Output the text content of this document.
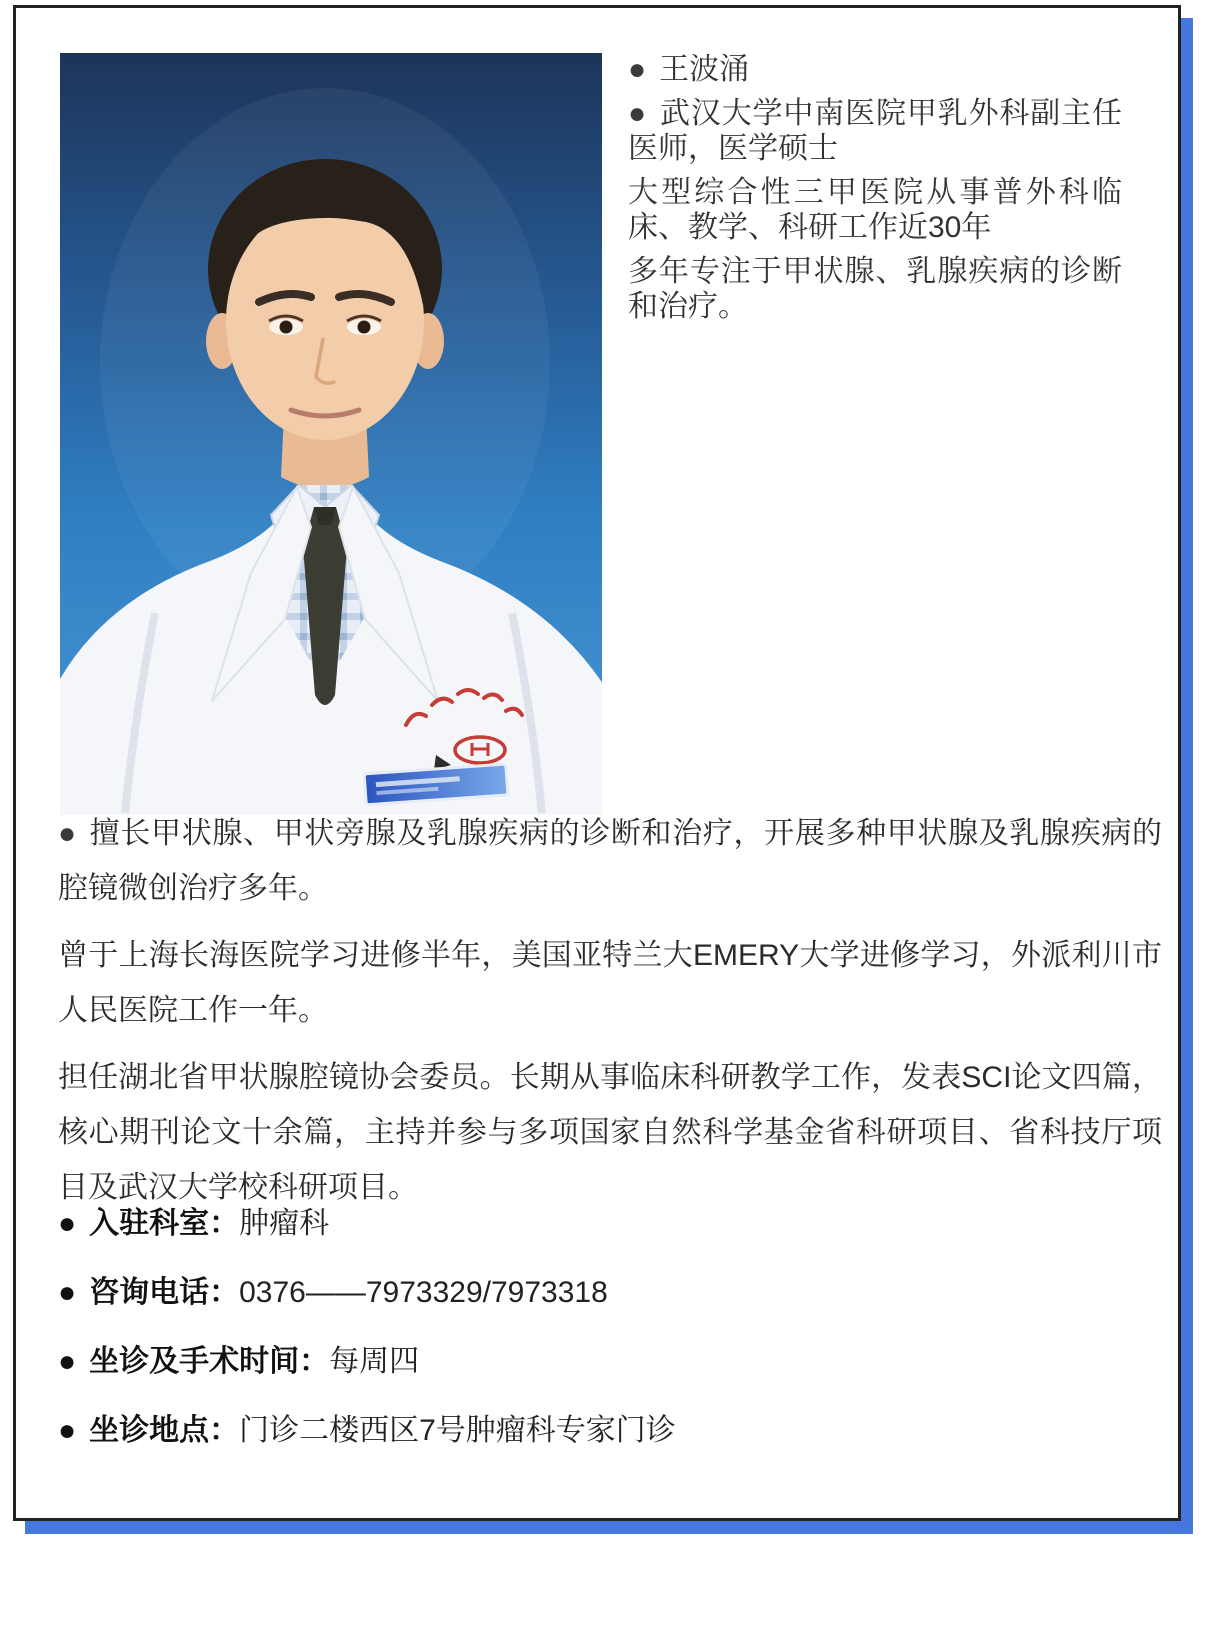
● 王波涌

● 武汉大学中南医院甲乳外科副主任医师，医学硕士

大型综合性三甲医院从事普外科临床、教学、科研工作近30年

多年专注于甲状腺、乳腺疾病的诊断和治疗。

● 擅长甲状腺、甲状旁腺及乳腺疾病的诊断和治疗，开展多种甲状腺及乳腺疾病的腔镜微创治疗多年。

曾于上海长海医院学习进修半年，美国亚特兰大EMERY大学进修学习，外派利川市人民医院工作一年。

担任湖北省甲状腺腔镜协会委员。长期从事临床科研教学工作，发表SCI论文四篇，核心期刊论文十余篇，主持并参与多项国家自然科学基金省科研项目、省科技厅项目及武汉大学校科研项目。

● 入驻科室：肿瘤科
● 咨询电话：0376——7973329/7973318
● 坐诊及手术时间：每周四
● 坐诊地点：门诊二楼西区7号肿瘤科专家门诊
